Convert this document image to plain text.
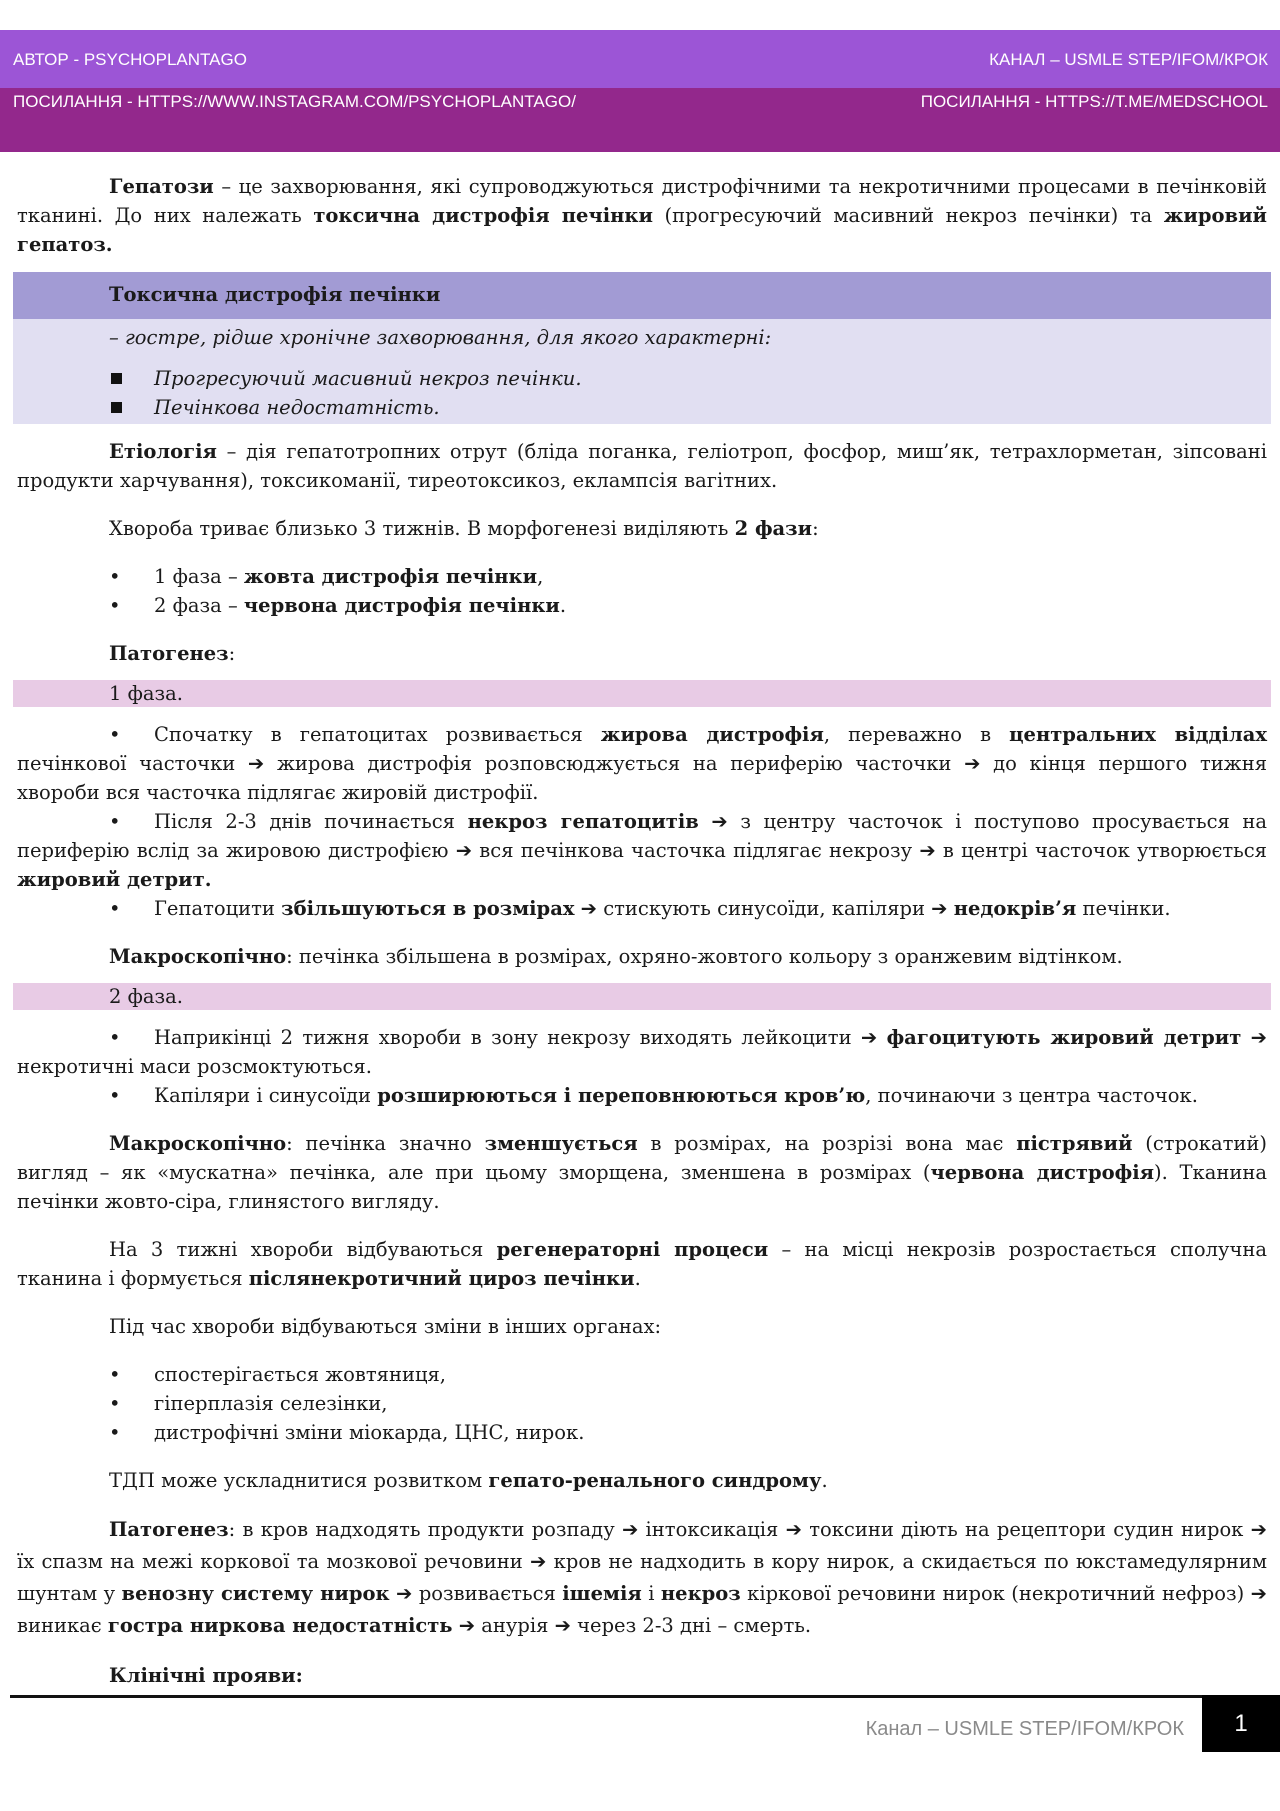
АВТОР - PSYCHOPLANTAGO	КАНАЛ – USMLE STEP/IFOM/КРОК
ПОСИЛАННЯ - HTTPS://WWW.INSTAGRAM.COM/PSYCHOPLANTAGO/	ПОСИЛАННЯ - HTTPS://T.ME/MEDSCHOOL

Гепатози – це захворювання, які супроводжуються дистрофічними та некротичними процесами в печінковій тканині. До них належать токсична дистрофія печінки (прогресуючий масивний некроз печінки) та жировий гепатоз.

Токсична дистрофія печінки

– гостре, рідше хронічне захворювання, для якого характерні:

Прогресуючий масивний некроз печінки.
Печінкова недостатність.

Етіологія – дія гепатотропних отрут (бліда поганка, геліотроп, фосфор, миш’як, тетрахлорметан, зіпсовані продукти харчування), токсикоманії, тиреотоксикоз, еклампсія вагітних.

Хвороба триває близько 3 тижнів. В морфогенезі виділяють 2 фази:

• 1 фаза – жовта дистрофія печінки,
• 2 фаза – червона дистрофія печінки.

Патогенез:

1 фаза.

•	Спочатку в гепатоцитах розвивається жирова дистрофія, переважно в центральних відділах печінкової часточки ➔ жирова дистрофія розповсюджується на периферію часточки ➔ до кінця першого тижня хвороби вся часточка підлягає жировій дистрофії.

•	Після 2-3 днів починається некроз гепатоцитів ➔ з центру часточок і поступово просувається на периферію вслід за жировою дистрофією ➔ вся печінкова часточка підлягає некрозу ➔ в центрі часточок утворюється жировий детрит.

•	Гепатоцити збільшуються в розмірах ➔ стискують синусоїди, капіляри ➔ недокрів’я печінки.

Макроскопічно: печінка збільшена в розмірах, охряно-жовтого кольору з оранжевим відтінком.

2 фаза.

•	Наприкінці 2 тижня хвороби в зону некрозу виходять лейкоцити ➔ фагоцитують жировий детрит ➔ некротичні маси розсмоктуються.

•	Капіляри і синусоїди розширюються і переповнюються кров’ю, починаючи з центра часточок.

Макроскопічно: печінка значно зменшується в розмірах, на розрізі вона має пістрявий (строкатий) вигляд – як «мускатна» печінка, але при цьому зморщена, зменшена в розмірах (червона дистрофія). Тканина печінки жовто-сіра, глинястого вигляду.

На 3 тижні хвороби відбуваються регенераторні процеси – на місці некрозів розростається сполучна тканина і формується післянекротичний цироз печінки.

Під час хвороби відбуваються зміни в інших органах:

• спостерігається жовтяниця,
• гіперплазія селезінки,
• дистрофічні зміни міокарда, ЦНС, нирок.

ТДП може ускладнитися розвитком гепато-ренального синдрому.

Патогенез: в кров надходять продукти розпаду ➔ інтоксикація ➔ токсини діють на рецептори судин нирок ➔ їх спазм на межі коркової та мозкової речовини ➔ кров не надходить в кору нирок, а скидається по юкстамедулярним шунтам у венозну систему нирок ➔ розвивається ішемія і некроз кіркової речовини нирок (некротичний нефроз) ➔ виникає гостра ниркова недостатність ➔ анурія ➔ через 2-3 дні – смерть.

Клінічні прояви:

Канал – USMLE STEP/IFOM/КРОК	1
